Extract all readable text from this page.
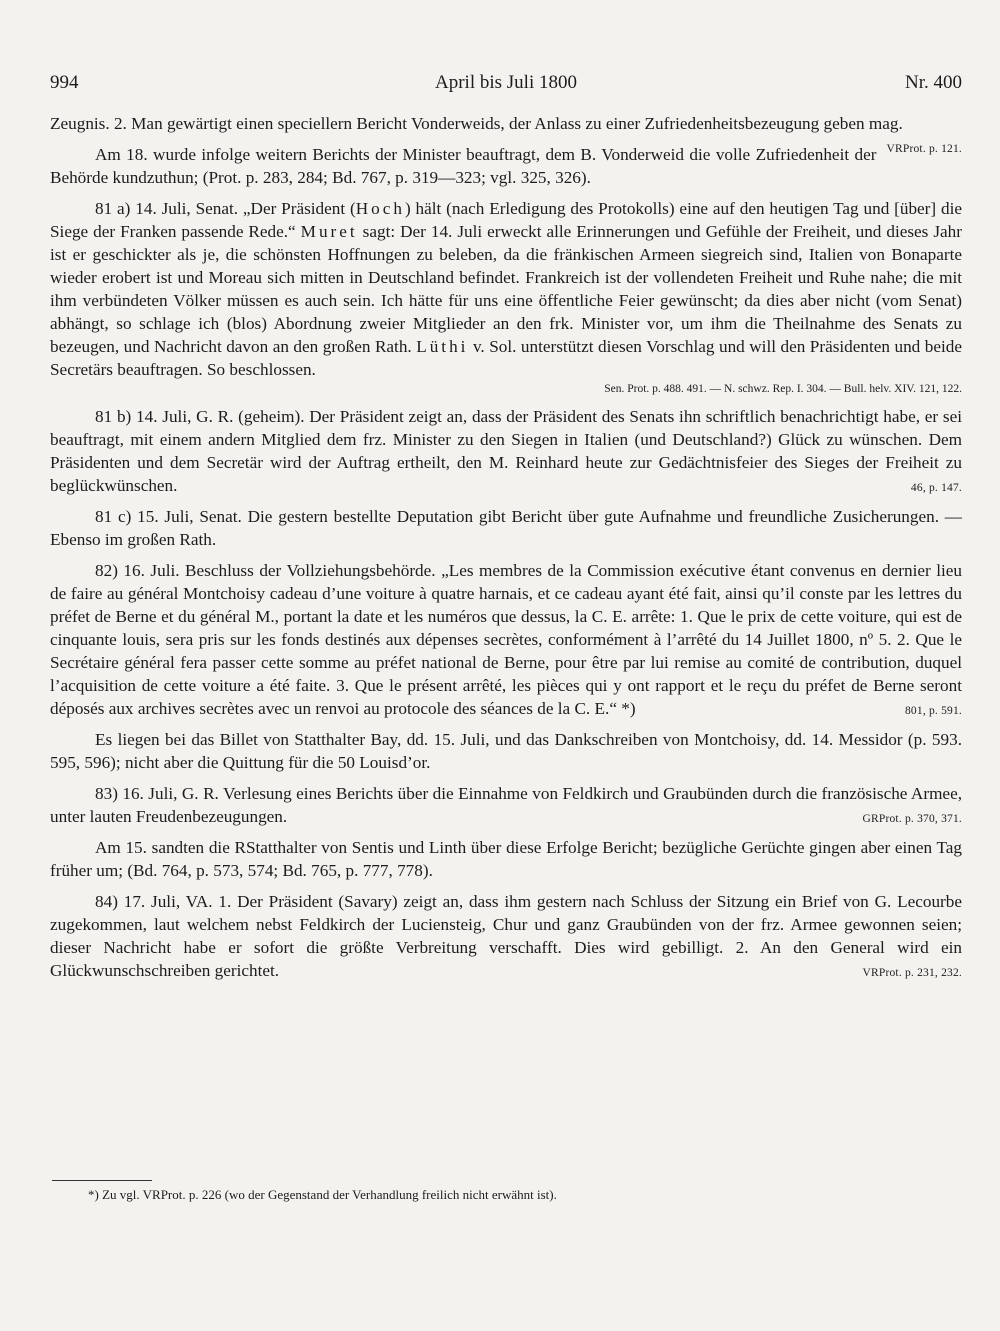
994	April bis Juli 1800	Nr. 400

Zeugnis. 2. Man gewärtigt einen speciellern Bericht Vonderweids, der Anlass zu einer Zufriedenheitsbezeugung geben mag.
VRProt. p. 121.

Am 18. wurde infolge weitern Berichts der Minister beauftragt, dem B. Vonderweid die volle Zufriedenheit der Behörde kundzuthun; (Prot. p. 283, 284; Bd. 767, p. 319—323; vgl. 325, 326).

81 a) 14. Juli, Senat. „Der Präsident (Hoch) hält (nach Erledigung des Protokolls) eine auf den heutigen Tag und [über] die Siege der Franken passende Rede.“ Muret sagt: Der 14. Juli erweckt alle Erinnerungen und Gefühle der Freiheit, und dieses Jahr ist er geschickter als je, die schönsten Hoffnungen zu beleben, da die fränkischen Armeen siegreich sind, Italien von Bonaparte wieder erobert ist und Moreau sich mitten in Deutschland befindet. Frankreich ist der vollendeten Freiheit und Ruhe nahe; die mit ihm verbündeten Völker müssen es auch sein. Ich hätte für uns eine öffentliche Feier gewünscht; da dies aber nicht (vom Senat) abhängt, so schlage ich (blos) Abordnung zweier Mitglieder an den frk. Minister vor, um ihm die Theilnahme des Senats zu bezeugen, und Nachricht davon an den großen Rath. Lüthi v. Sol. unterstützt diesen Vorschlag und will den Präsidenten und beide Secretärs beauftragen. So beschlossen.

Sen. Prot. p. 488. 491. — N. schwz. Rep. I. 304. — Bull. helv. XIV. 121, 122.

81 b) 14. Juli, G. R. (geheim). Der Präsident zeigt an, dass der Präsident des Senats ihn schriftlich benachrichtigt habe, er sei beauftragt, mit einem andern Mitglied dem frz. Minister zu den Siegen in Italien (und Deutschland?) Glück zu wünschen. Dem Präsidenten und dem Secretär wird der Auftrag ertheilt, den M. Reinhard heute zur Gedächtnisfeier des Sieges der Freiheit zu beglückwünschen.	46, p. 147.

81 c) 15. Juli, Senat. Die gestern bestellte Deputation gibt Bericht über gute Aufnahme und freundliche Zusicherungen. — Ebenso im großen Rath.

82) 16. Juli. Beschluss der Vollziehungsbehörde. „Les membres de la Commission exécutive étant convenus en dernier lieu de faire au général Montchoisy cadeau d’une voiture à quatre harnais, et ce cadeau ayant été fait, ainsi qu’il conste par les lettres du préfet de Berne et du général M., portant la date et les numéros que dessus, la C. E. arrête: 1. Que le prix de cette voiture, qui est de cinquante louis, sera pris sur les fonds destinés aux dépenses secrètes, conformément à l’arrêté du 14 Juillet 1800, nº 5. 2. Que le Secrétaire général fera passer cette somme au préfet national de Berne, pour être par lui remise au comité de contribution, duquel l’acquisition de cette voiture a été faite. 3. Que le présent arrêté, les pièces qui y ont rapport et le reçu du préfet de Berne seront déposés aux archives secrètes avec un renvoi au protocole des séances de la C. E.“ *)	801, p. 591.

Es liegen bei das Billet von Statthalter Bay, dd. 15. Juli, und das Dankschreiben von Montchoisy, dd. 14. Messidor (p. 593. 595, 596); nicht aber die Quittung für die 50 Louisd’or.

83) 16. Juli, G. R. Verlesung eines Berichts über die Einnahme von Feldkirch und Graubünden durch die französische Armee, unter lauten Freudenbezeugungen.	GRProt. p. 370, 371.

Am 15. sandten die RStatthalter von Sentis und Linth über diese Erfolge Bericht; bezügliche Gerüchte gingen aber einen Tag früher um; (Bd. 764, p. 573, 574; Bd. 765, p. 777, 778).

84) 17. Juli, VA. 1. Der Präsident (Savary) zeigt an, dass ihm gestern nach Schluss der Sitzung ein Brief von G. Lecourbe zugekommen, laut welchem nebst Feldkirch der Luciensteig, Chur und ganz Graubünden von der frz. Armee gewonnen seien; dieser Nachricht habe er sofort die größte Verbreitung verschafft. Dies wird gebilligt. 2. An den General wird ein Glückwunschschreiben gerichtet.	VRProt. p. 231, 232.

*) Zu vgl. VRProt. p. 226 (wo der Gegenstand der Verhandlung freilich nicht erwähnt ist).
